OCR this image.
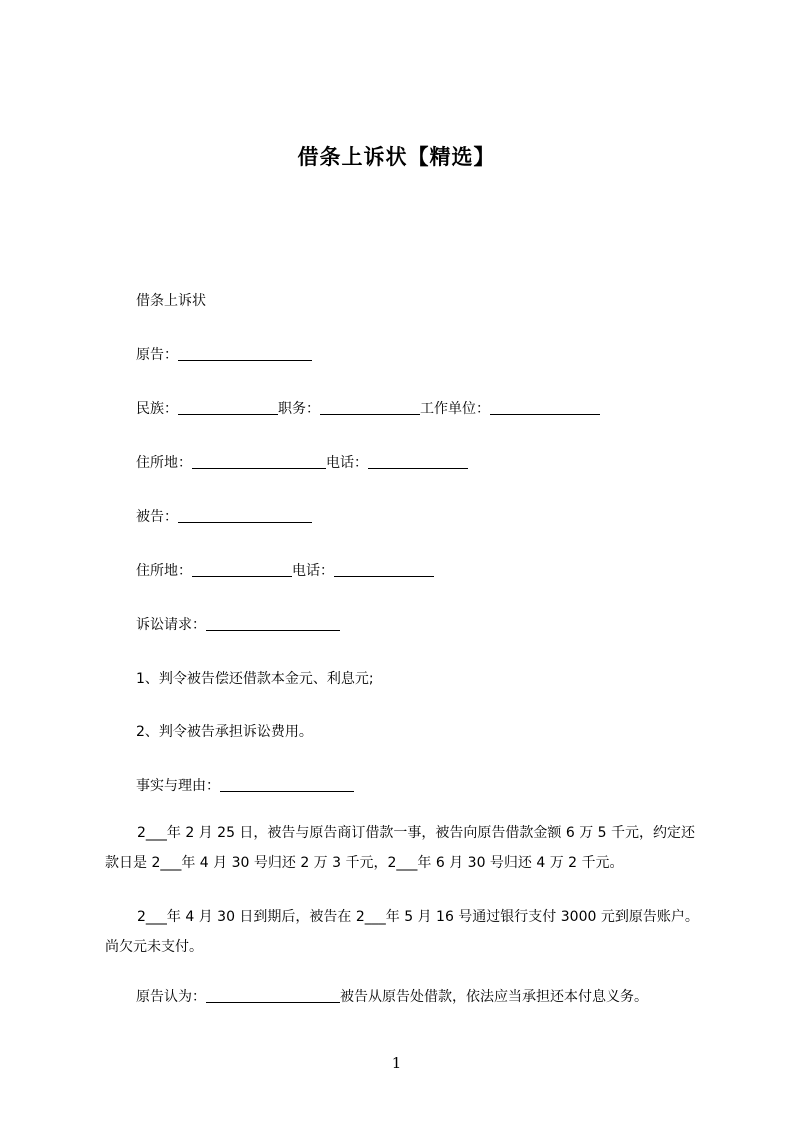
借条上诉状【精选】
借条上诉状
原告：
民族：	职务：	工作单位：
住所地：	电话：
被告：
住所地：	电话：
诉讼请求：
1、判令被告偿还借款本金元、利息元;
2、判令被告承担诉讼费用。
事实与理由：
2___年 2 月 25 日，被告与原告商订借款一事，被告向原告借款金额 6 万 5 千元，约定还款日是 2___年 4 月 30 号归还 2 万 3 千元，2___年 6 月 30 号归还 4 万 2 千元。
2___年 4 月 30 日到期后，被告在 2___年 5 月 16 号通过银行支付 3000 元到原告账户。尚欠元未支付。
原告认为：	被告从原告处借款，依法应当承担还本付息义务。
1
